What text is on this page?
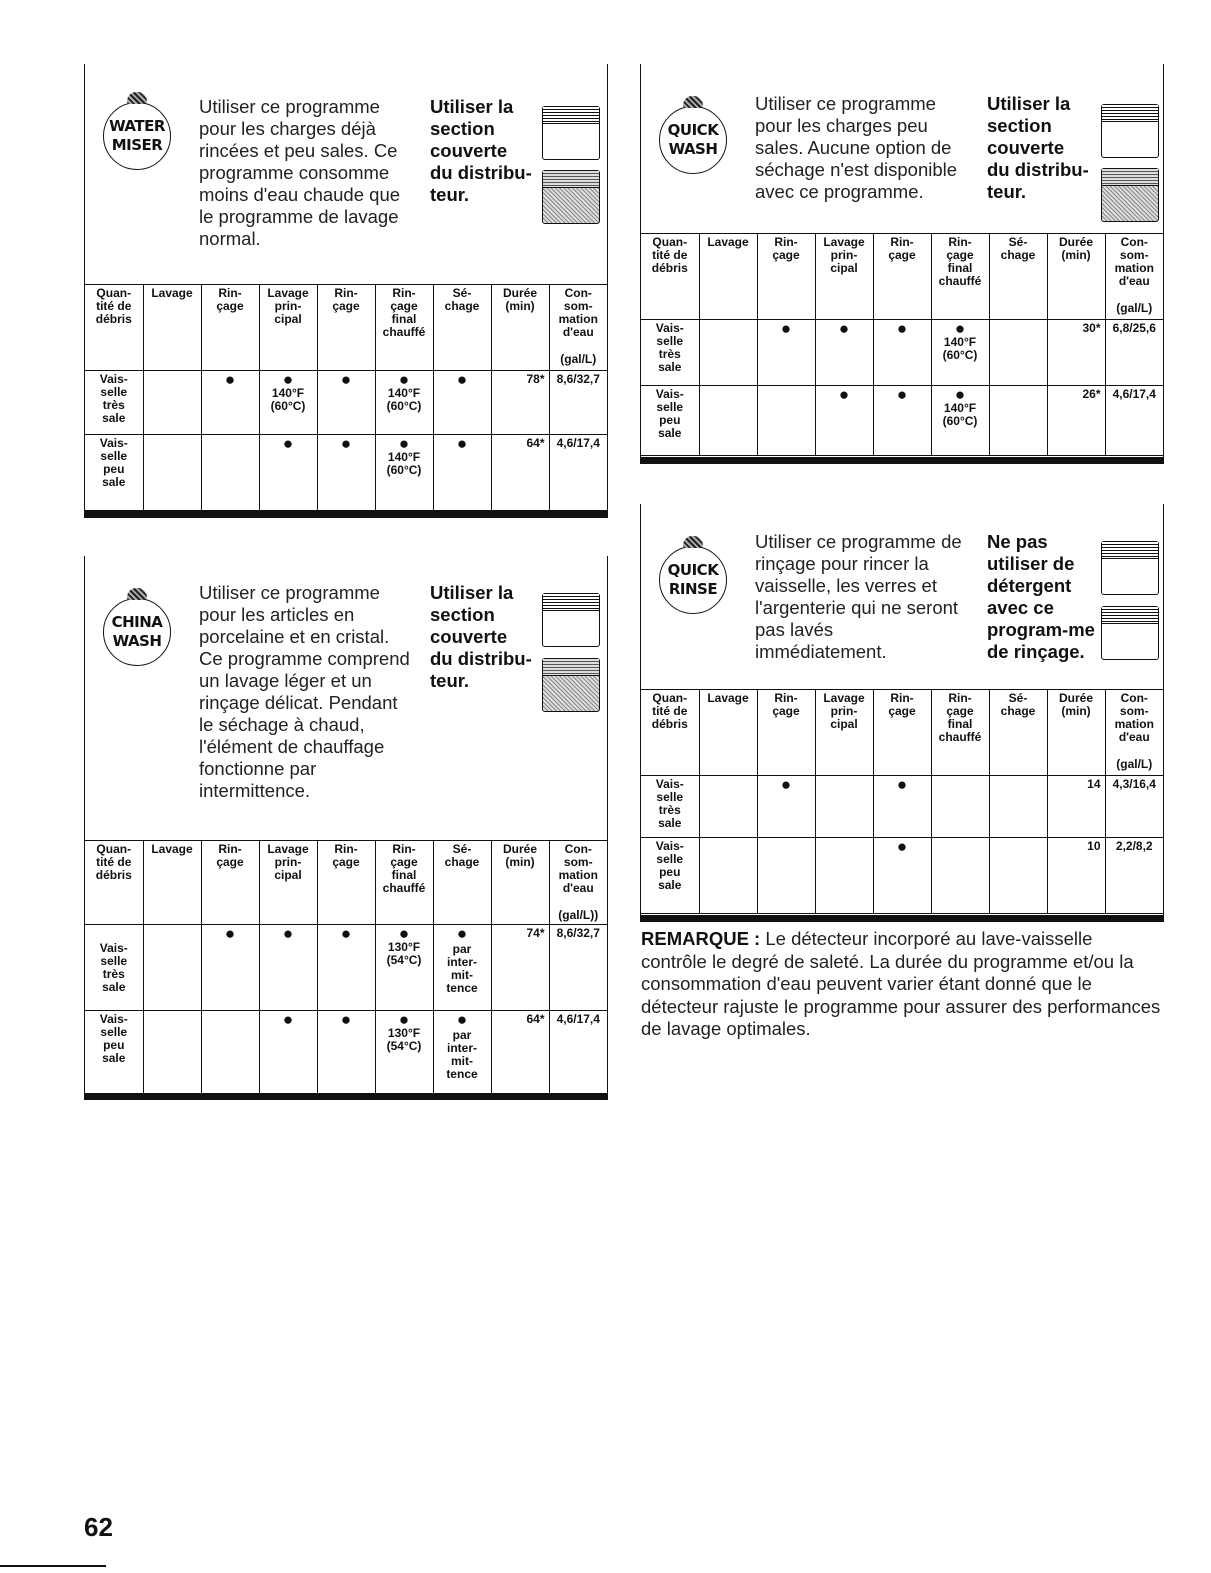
WATER
MISER
Utiliser ce programme pour les charges déjà rincées et peu sales. Ce programme consomme moins d'eau chaude que le programme de lavage normal.
Utiliser la section couverte du distribu-teur.
Quan-
tité de
débris	Lavage	Rin-
çage	Lavage
prin-
cipal	Rin-
çage	Rin-
çage
final
chauffé	Sé-
chage	Durée
(min)	Con-
som-
mation
d'eau
(gal/L)

Vais-
selle
très
sale		●	●
140°F
(60°C)	●	●
140°F
(60°C)	●	78*	8,6/32,7
Vais-
selle
peu
sale			●	●	●
140°F
(60°C)	●	64*	4,6/17,4
CHINA
WASH
Utiliser ce programme pour les articles en porcelaine et en cristal. Ce programme comprend un lavage léger et un rinçage délicat. Pendant le séchage à chaud, l'élément de chauffage fonctionne par intermittence.
Utiliser la section couverte du distribu-teur.
Quan-
tité de
débris	Lavage	Rin-
çage	Lavage
prin-
cipal	Rin-
çage	Rin-
çage
final
chauffé	Sé-
chage	Durée
(min)	Con-
som-
mation
d'eau
(gal/L))

Vais-
selle
très
sale		●	●	●	●
130°F
(54°C)	●
par
inter-
mit-
tence	74*	8,6/32,7
Vais-
selle
peu
sale			●	●	●
130°F
(54°C)	●
par
inter-
mit-
tence	64*	4,6/17,4
QUICK
WASH
Utiliser ce programme pour les charges peu sales. Aucune option de séchage n'est disponible avec ce programme.
Utiliser la section couverte du distribu-teur.
Quan-
tité de
débris	Lavage	Rin-
çage	Lavage
prin-
cipal	Rin-
çage	Rin-
çage
final
chauffé	Sé-
chage	Durée
(min)	Con-
som-
mation
d'eau
(gal/L)

Vais-
selle
très
sale		●	●	●	●
140°F
(60°C)		30*	6,8/25,6
Vais-
selle
peu
sale			●	●	●
140°F
(60°C)		26*	4,6/17,4
QUICK
RINSE
Utiliser ce programme de rinçage pour rincer la vaisselle, les verres et l'argenterie qui ne seront pas lavés immédiatement.
Ne pas utiliser de détergent avec ce program-me de rinçage.
Quan-
tité de
débris	Lavage	Rin-
çage	Lavage
prin-
cipal	Rin-
çage	Rin-
çage
final
chauffé	Sé-
chage	Durée
(min)	Con-
som-
mation
d'eau
(gal/L)

Vais-
selle
très
sale		●		●			14	4,3/16,4
Vais-
selle
peu
sale				●			10	2,2/8,2
REMARQUE : Le détecteur incorporé au lave-vaisselle contrôle le degré de saleté. La durée du programme et/ou la consommation d'eau peuvent varier étant donné que le détecteur rajuste le programme pour assurer des performances de lavage optimales.
62
